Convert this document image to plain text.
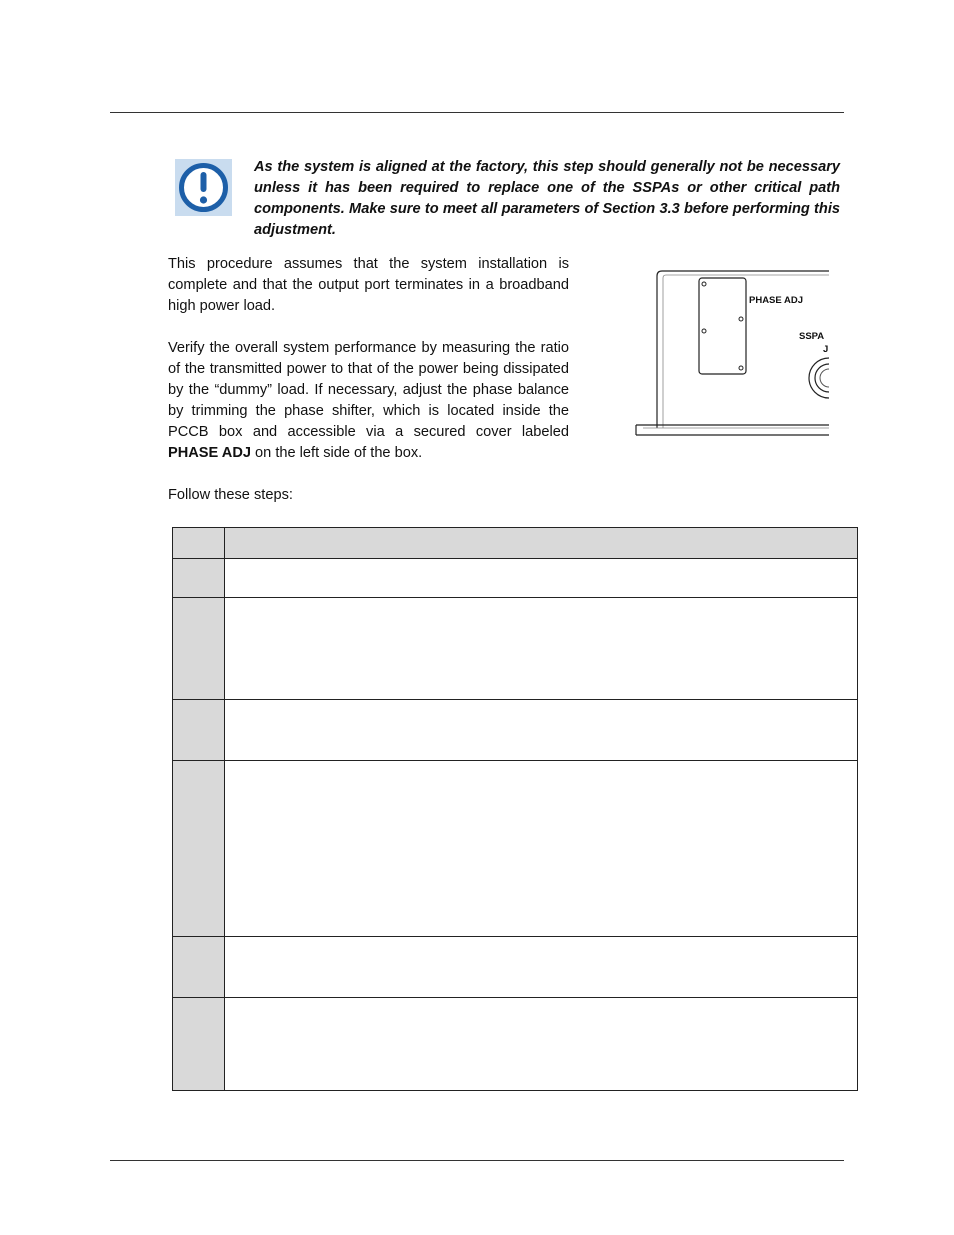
As the system is aligned at the factory, this step should generally not be necessary unless it has been required to replace one of the SSPAs or other critical path components. Make sure to meet all parameters of Section 3.3 before performing this adjustment.

This procedure assumes that the system installation is complete and that the output port terminates in a broadband high power load.

Verify the overall system performance by measuring the ratio of the transmitted power to that of the power being dissipated by the “dummy” load. If necessary, adjust the phase balance by trimming the phase shifter, which is located inside the PCCB box and accessible via a secured cover labeled PHASE ADJ on the left side of the box.

Follow these steps:

PHASE ADJ
SSPA
J
